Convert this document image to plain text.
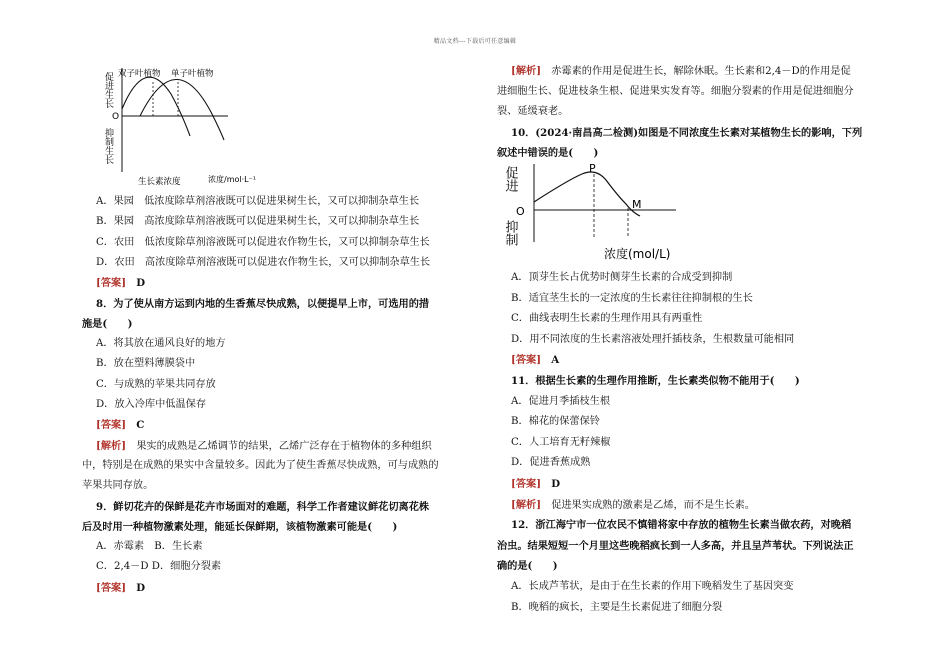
精品文档---下载后可任意编辑
促进生长
O
抑制生长
双子叶植物 单子叶植物
生长素浓度	浓度/mol·L⁻¹	促进
O
抑制
P
M
浓度(mol/L)
A．果园　低浓度除草剂溶液既可以促进果树生长，又可以抑制杂草生长
B．果园　高浓度除草剂溶液既可以促进果树生长，又可以抑制杂草生长
C．农田　低浓度除草剂溶液既可以促进农作物生长，又可以抑制杂草生长
D．农田　高浓度除草剂溶液既可以促进农作物生长，又可以抑制杂草生长
[答案]　 D
8．为了使从南方运到内地的生香蕉尽快成熟，以便提早上市，可选用的措
施是(　　)
A．将其放在通风良好的地方
B．放在塑料薄膜袋中
C．与成熟的苹果共同存放
D．放入冷库中低温保存
[答案]　 C
[解析]　 果实的成熟是乙烯调节的结果，乙烯广泛存在于植物体的多种组织
中，特别是在成熟的果实中含量较多。因此为了使生香蕉尽快成熟，可与成熟的
苹果共同存放。
9．鲜切花卉的保鲜是花卉市场面对的难题，科学工作者建议鲜花切离花株
后及时用一种植物激素处理，能延长保鲜期，该植物激素可能是(　　)
A．赤霉素　B．生长素
C．2,4－D D．细胞分裂素
[答案]　 D
[解析]　 赤霉素的作用是促进生长，解除休眠。生长素和2,4－D的作用是促
进细胞生长、促进枝条生根、促进果实发育等。细胞分裂素的作用是促进细胞分
裂、延缓衰老。
10．(2024·南昌高二检测)如图是不同浓度生长素对某植物生长的影响，下列
叙述中错误的是(　　)
A．顶芽生长占优势时侧芽生长素的合成受到抑制
B．适宜茎生长的一定浓度的生长素往往抑制根的生长
C．曲线表明生长素的生理作用具有两重性
D．用不同浓度的生长素溶液处理扦插枝条，生根数量可能相同
[答案]　 A
11．根据生长素的生理作用推断，生长素类似物不能用于(　　)
A．促进月季插枝生根
B．棉花的保蕾保铃
C．人工培育无籽辣椒
D．促进香蕉成熟
[答案]　 D
[解析]　 促进果实成熟的激素是乙烯，而不是生长素。
12．浙江海宁市一位农民不慎错将家中存放的植物生长素当做农药，对晚稻
治虫。结果短短一个月里这些晚稻疯长到一人多高，并且呈芦苇状。下列说法正
确的是(　　)
A．长成芦苇状，是由于在生长素的作用下晚稻发生了基因突变
B．晚稻的疯长，主要是生长素促进了细胞分裂
